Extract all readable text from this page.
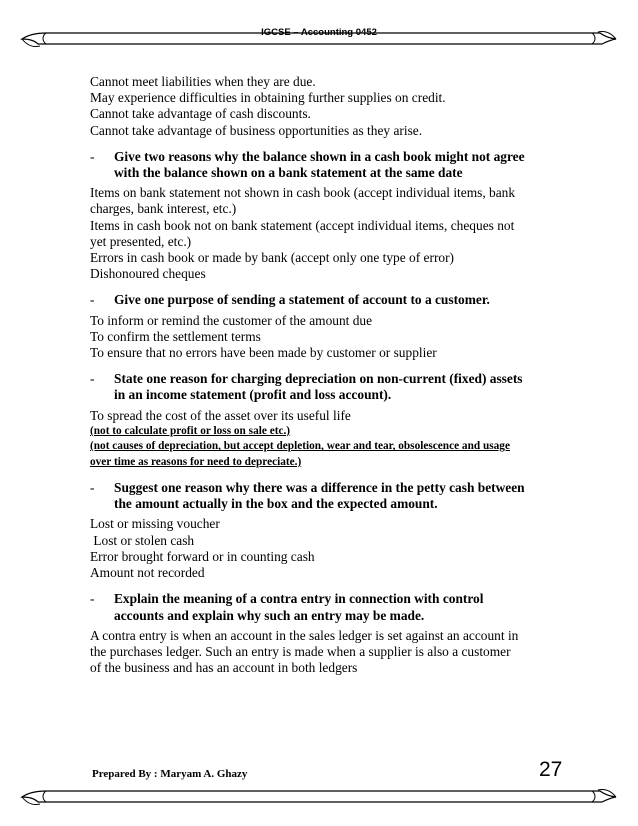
IGCSE – Accounting 0452
Cannot meet liabilities when they are due.
May experience difficulties in obtaining further supplies on credit.
Cannot take advantage of cash discounts.
Cannot take advantage of business opportunities as they arise.
-	Give two reasons why the balance shown in a cash book might not agree
with the balance shown on a bank statement at the same date
Items on bank statement not shown in cash book (accept individual items, bank
charges, bank interest, etc.)
Items in cash book not on bank statement (accept individual items, cheques not
yet presented, etc.)
Errors in cash book or made by bank (accept only one type of error)
Dishonoured cheques
-	Give one purpose of sending a statement of account to a customer.
To inform or remind the customer of the amount due
To confirm the settlement terms
To ensure that no errors have been made by customer or supplier
-	State one reason for charging depreciation on non-current (fixed) assets
in an income statement (profit and loss account).
To spread the cost of the asset over its useful life
(not to calculate profit or loss on sale etc.)
(not causes of depreciation, but accept depletion, wear and tear, obsolescence and usage
over time as reasons for need to depreciate.)
-	Suggest one reason why there was a difference in the petty cash between
the amount actually in the box and the expected amount.
Lost or missing voucher
Lost or stolen cash
Error brought forward or in counting cash
Amount not recorded
-	Explain the meaning of a contra entry in connection with control
accounts and explain why such an entry may be made.
A contra entry is when an account in the sales ledger is set against an account in
the purchases ledger. Such an entry is made when a supplier is also a customer
of the business and has an account in both ledgers
Prepared By : Maryam A. Ghazy	27
